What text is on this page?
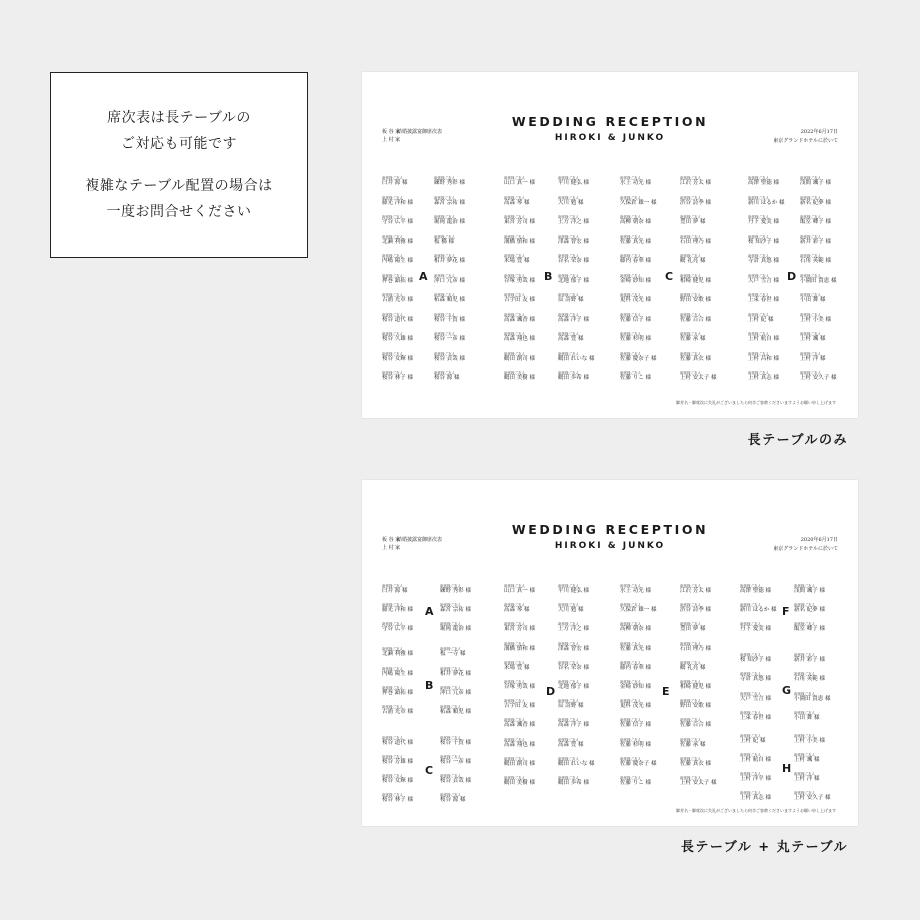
席次表は長テーブルの
ご対応も可能です
複雑なテーブル配置の場合は
一度お問合せください
WEDDING RECEPTION
HIROKI & JUNKO
板 谷 家
上 村 家
結婚披露宴御席次表	2022年6月17日
東京グランドホテルに於いて
御芳名・御席次に失礼がございましたら何卒ご容赦くださいますようお願い申し上げます
A
新郎様ご友人
臼井 源 様
新郎様ご友人
藤光 洋和 様
新郎様ご友人
守谷 広平 様
新郎様ご友人
北瀬 利雅 様
新郎様ご友人
内嶋 陽生 様
新郎様ご友人
押巻 鎮拓 様
新郎様ご友人
古浦 光章 様
新郎様ご友人
桜谷 道代 様
新郎様ご友人
桜谷 久雄 様
新郎様ご友人
桜谷 女輝 様
新郎様ご友人
桜谷 林子 様
新郎様ご友人
練野 秀彰 様
新郎様ご友人
森宮 宗祐 様
新郎様ご友人
堀岡 龍治 様
新郎様ご友人
板 橋 様
新郎様ご友人
相井 夢花 様
新郎様ご友人
沖口 冗彦 様
新郎様ご友人
柘森 順児 様
新郎様ご友人
桜谷 千賀 様
新郎様ご友人
桜谷 一彦 様
新郎様ご友人
桜谷 貞哉 様
新郎様ご友人
桜谷 源 様
B
新郎様ご友人
山口 真一 様
新郎様ご友人
高森 琴 様
新郎様ご友人
東宮 芳司 様
新郎様ご友人
溝橋 慎和 様
新郎様ご友人
米場 豊 様
新郎様ご友人
谷塚 勇哉 様
新郎様ご友人
吉宇田 友 様
新郎様ご友人
高森 颯香 様
新郎様ご友人
高森 翔也 様
新郎様ご友人
鶴田 創司 様
新郎様ご友人
鶴田 美樹 様
新郎様ご友人
平川 健弘 様
新郎様ご友人
大川 勉 様
新郎様ご友人
土方 洋之 様
新郎様ご友人
津森 智宏 様
新郎様ご友人
谷名 荣奈 様
新郎様ご友人
北地 郁子 様
新郎様ご友人
辰 詩野 様
新郎様ご友人
高森 洋子 様
新郎様ご友人
高森 豊 様
新郎様ご友人
鶴田 れいな 様
新郎様ご友人
鶴田 歩希 様
C
新郎様ご友人
水上 功光 様
新郎様ご友人
久保倉 雄一 様
新郎様ご友人
高柳 朝奈 様
新郎様ご友人
佐藤 真光 様
新郎様ご友人
藤内 春華 様
新郎様ご友人
金崎 紗知 様
新郎様ご友人
更科 茂光 様
新郎様ご友人
佐藤 信子 様
新郎様ご友人
佐藤 杉明 様
新郎様ご友人
佐藤 慶奈子 様
新郎様ご友人
佐藤 りこ 様
新郎様ご友人
江沢 芳太 様
新郎様ご友人
渋谷 詩季 様
新郎様ご友人
豊田 夢 様
新郎様ご友人
石田 理乃 様
新郎様ご友人
鶴 礼亮 様
新郎様ご友人
相崎 健児 様
新郎様ご友人
野田 安歌 様
新郎様ご友人
佐藤 百合 様
新郎様ご友人
佐藤 承 様
新郎様ご友人
佐藤 真衣 様
新郎様ご友人
上村 安太子 様
D
新郎様ご友人
高澤 聖徳 様
新郎様ご友人
新川 はるか 様
新郎様ご友人
丹下 愛実 様
新郎様ご友人
桜 知沙子 様
新郎様ご友人
寺倉 真悠 様
新郎様ご友人
大戸 雪言 様
新郎様ご友人
上束 春世 様
新郎様ご友人
上村 紀 様
新郎様ご友人
上村 航自 様
新郎様ご友人
上村 昌和 様
新郎様ご友人
上村 真志 様
新郎様ご友人
浅間 颯子 様
新郎様ご友人
新名 紀夢 様
新郎様ご友人
飯室 卿子 様
新郎様ご友人
新井 彩子 様
新郎様ご友人
石角 英範 様
新郎様ご友人
小園田 貴恵 様
新郎様ご友人
小田 舞 様
新郎様ご友人
上村 小美 様
新郎様ご友人
上村 颯 様
新郎様ご友人
上村 洋 様
新郎様ご友人
上村 安久子 様
長テーブルのみ
WEDDING RECEPTION
HIROKI & JUNKO
板 谷 家
上 村 家
結婚披露宴御席次表	2020年6月17日
東京グランドホテルに於いて
御芳名・御席次に失礼がございましたら何卒ご容赦くださいますようお願い申し上げます
A
新郎様ご友人
臼井 源 様
新郎様ご友人
藤光 洋和 様
新郎様ご友人
守谷 広平 様
新郎様ご友人
練野 秀彰 様
新郎様ご友人
森宮 宗祐 様
新郎様ご友人
堀岡 龍治 様
B
新郎様ご友人
北瀬 利雅 様
新郎様ご友人
内嶋 陽生 様
新郎様ご友人
押巻 鎮拓 様
新郎様ご友人
古浦 光章 様
新郎様ご友人
板 一寺 様
新郎様ご友人
相井 夢花 様
新郎様ご友人
沖口 冗彦 様
新郎様ご友人
柘森 順児 様
C
新郎様ご友人
桜谷 道代 様
新郎様ご友人
桜谷 芳雄 様
新郎様ご友人
桜谷 女輝 様
新郎様ご友人
桜谷 林子 様
新郎様ご友人
桜谷 千賀 様
新郎様ご友人
桜谷 一彦 様
新郎様ご友人
桜谷 貞哉 様
新郎様ご友人
桜谷 源 様
D
新郎様ご友人
山口 真一 様
新郎様ご友人
高森 琴 様
新郎様ご友人
東宮 芳司 様
新郎様ご友人
溝橋 慎和 様
新郎様ご友人
米場 豊 様
新郎様ご友人
谷塚 勇哉 様
新郎様ご友人
吉宇田 友 様
新郎様ご友人
高森 颯香 様
新郎様ご友人
高森 翔也 様
新郎様ご友人
鶴田 創司 様
新郎様ご友人
鶴田 美樹 様
新郎様ご友人
平川 健弘 様
新郎様ご友人
大川 勉 様
新郎様ご友人
土方 洋之 様
新郎様ご友人
津森 智宏 様
新郎様ご友人
谷名 荣奈 様
新郎様ご友人
北地 郁子 様
新郎様ご友人
辰 詩野 様
新郎様ご友人
高森 洋子 様
新郎様ご友人
高森 豊 様
新郎様ご友人
鶴田 れいな 様
新郎様ご友人
鶴田 歩希 様
E
新郎様ご友人
水上 功光 様
新郎様ご友人
久保倉 雄一 様
新郎様ご友人
高柳 朝奈 様
新郎様ご友人
佐藤 真光 様
新郎様ご友人
藤内 春華 様
新郎様ご友人
金崎 紗知 様
新郎様ご友人
更科 茂光 様
新郎様ご友人
佐藤 信子 様
新郎様ご友人
佐藤 杉明 様
新郎様ご友人
佐藤 慶奈子 様
新郎様ご友人
佐藤 りこ 様
新郎様ご友人
江沢 芳太 様
新郎様ご友人
渋谷 詩季 様
新郎様ご友人
豊田 夢 様
新郎様ご友人
石田 理乃 様
新郎様ご友人
鶴 礼亮 様
新郎様ご友人
相崎 健児 様
新郎様ご友人
野田 安歌 様
新郎様ご友人
佐藤 百合 様
新郎様ご友人
佐藤 承 様
新郎様ご友人
佐藤 真衣 様
新郎様ご友人
上村 安太子 様
F
新郎様ご友人
高澤 聖徳 様
新郎様ご友人
新川 はるか 様
新郎様ご友人
丹下 愛実 様
新郎様ご友人
浅間 颯子 様
新郎様ご友人
新名 紀夢 様
新郎様ご友人
飯室 卿子 様
G
新郎様ご友人
桜 知沙子 様
新郎様ご友人
寺倉 真悠 様
新郎様ご友人
大戸 雪言 様
新郎様ご友人
上束 春世 様
新郎様ご友人
新井 彩子 様
新郎様ご友人
石角 英範 様
新郎様ご友人
小園田 貴恵 様
新郎様ご友人
小田 舞 様
H
新郎様ご友人
上村 紀 様
新郎様ご友人
上村 航自 様
新郎様ご友人
上村 洋平 様
新郎様ご友人
上村 真志 様
新郎様ご友人
上村 小美 様
新郎様ご友人
上村 颯 様
新郎様ご友人
上村 洋 様
新郎様ご友人
上村 安久子 様
長テーブル + 丸テーブル
